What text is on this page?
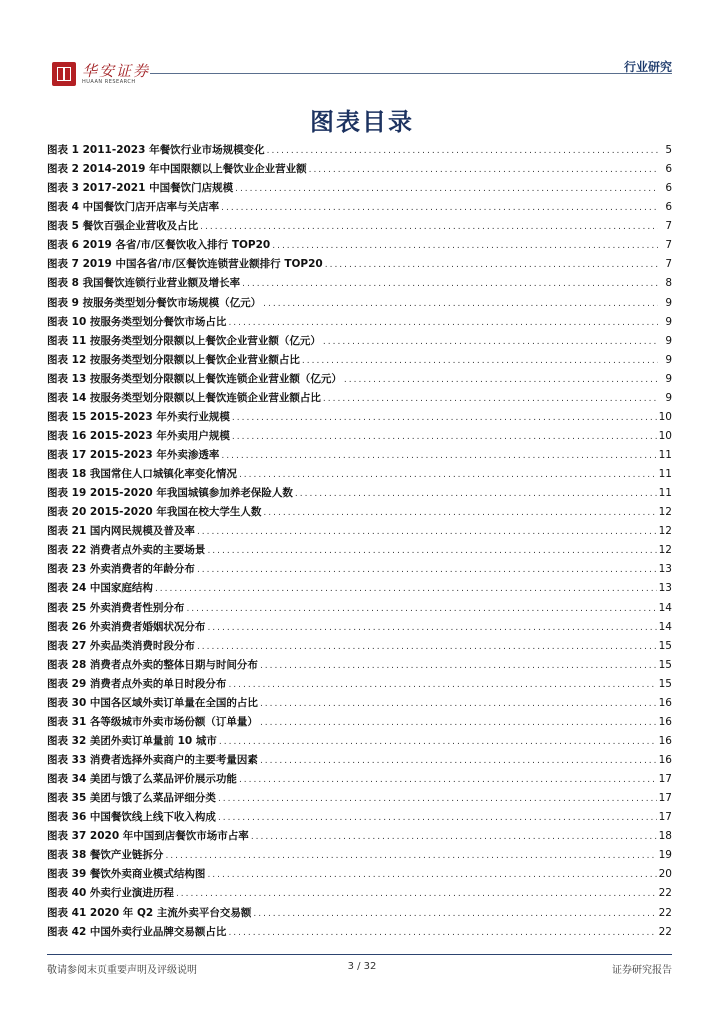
华安证券
HUAAN RESEARCH
行业研究
图表目录
图表 1 2011-2023 年餐饮行业市场规模变化 .....	5
图表 2 2014-2019 年中国限额以上餐饮业企业营业额 .....	6
图表 3 2017-2021 中国餐饮门店规模 .....	6
图表 4 中国餐饮门店开店率与关店率 .....	6
图表 5 餐饮百强企业营收及占比 .....	7
图表 6 2019 各省/市/区餐饮收入排行 TOP20 .....	7
图表 7 2019 中国各省/市/区餐饮连锁营业额排行 TOP20 .....	7
图表 8 我国餐饮连锁行业营业额及增长率 .....	8
图表 9 按服务类型划分餐饮市场规模（亿元） .....	9
图表 10 按服务类型划分餐饮市场占比 .....	9
图表 11 按服务类型划分限额以上餐饮企业营业额（亿元） .....	9
图表 12 按服务类型划分限额以上餐饮企业营业额占比 .....	9
图表 13 按服务类型划分限额以上餐饮连锁企业营业额（亿元） .....	9
图表 14 按服务类型划分限额以上餐饮连锁企业营业额占比 .....	9
图表 15 2015-2023 年外卖行业规模 .....	10
图表 16 2015-2023 年外卖用户规模 .....	10
图表 17 2015-2023 年外卖渗透率 .....	11
图表 18 我国常住人口城镇化率变化情况 .....	11
图表 19 2015-2020 年我国城镇参加养老保险人数 .....	11
图表 20 2015-2020 年我国在校大学生人数 .....	12
图表 21 国内网民规模及普及率 .....	12
图表 22 消费者点外卖的主要场景 .....	12
图表 23 外卖消费者的年龄分布 .....	13
图表 24 中国家庭结构 .....	13
图表 25 外卖消费者性别分布 .....	14
图表 26 外卖消费者婚姻状况分布 .....	14
图表 27 外卖品类消费时段分布 .....	15
图表 28 消费者点外卖的整体日期与时间分布 .....	15
图表 29 消费者点外卖的单日时段分布 .....	15
图表 30 中国各区域外卖订单量在全国的占比 .....	16
图表 31 各等级城市外卖市场份额（订单量） .....	16
图表 32 美团外卖订单量前 10 城市 .....	16
图表 33 消费者选择外卖商户的主要考量因素 .....	16
图表 34 美团与饿了么菜品评价展示功能 .....	17
图表 35 美团与饿了么菜品评细分类 .....	17
图表 36 中国餐饮线上线下收入构成 .....	17
图表 37 2020 年中国到店餐饮市场市占率 .....	18
图表 38 餐饮产业链拆分 .....	19
图表 39 餐饮外卖商业模式结构图 .....	20
图表 40 外卖行业演进历程 .....	22
图表 41 2020 年 Q2 主流外卖平台交易额 .....	22
图表 42 中国外卖行业品牌交易额占比 .....	22
敬请参阅末页重要声明及评级说明	3 / 32	证券研究报告
